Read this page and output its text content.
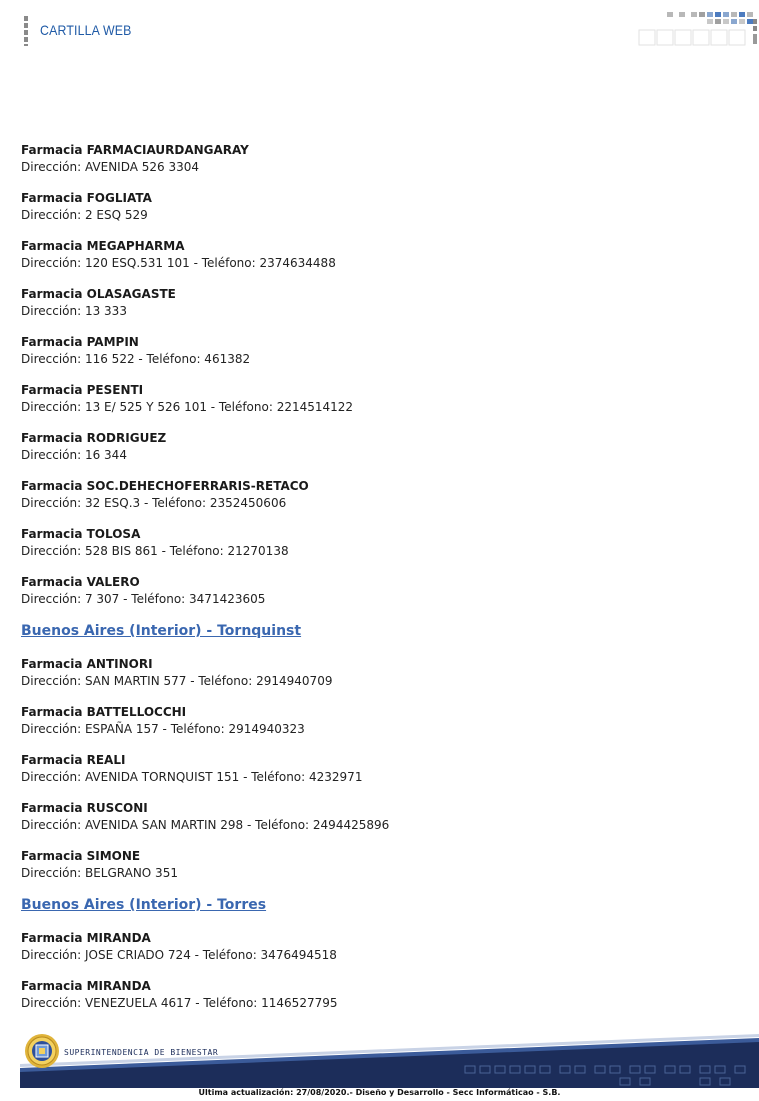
CARTILLA WEB
Farmacia FARMACIAURDANGARAY
Dirección: AVENIDA 526 3304
Farmacia FOGLIATA
Dirección: 2 ESQ 529
Farmacia MEGAPHARMA
Dirección: 120 ESQ.531 101 - Teléfono: 2374634488
Farmacia OLASAGASTE
Dirección: 13 333
Farmacia PAMPIN
Dirección: 116 522 - Teléfono: 461382
Farmacia PESENTI
Dirección: 13 E/ 525 Y 526 101 - Teléfono: 2214514122
Farmacia RODRIGUEZ
Dirección: 16 344
Farmacia SOC.DEHECHOFERRARIS-RETACO
Dirección: 32 ESQ.3 - Teléfono: 2352450606
Farmacia TOLOSA
Dirección: 528 BIS 861 - Teléfono: 21270138
Farmacia VALERO
Dirección: 7 307 - Teléfono: 3471423605
Buenos Aires (Interior) - Tornquinst
Farmacia ANTINORI
Dirección: SAN MARTIN 577 - Teléfono: 2914940709
Farmacia BATTELLOCCHI
Dirección: ESPAÑA 157 - Teléfono: 2914940323
Farmacia REALI
Dirección: AVENIDA TORNQUIST 151 - Teléfono: 4232971
Farmacia RUSCONI
Dirección: AVENIDA SAN MARTIN 298 - Teléfono: 2494425896
Farmacia SIMONE
Dirección: BELGRANO 351
Buenos Aires (Interior) - Torres
Farmacia MIRANDA
Dirección: JOSE CRIADO 724 - Teléfono: 3476494518
Farmacia MIRANDA
Dirección: VENEZUELA 4617 - Teléfono: 1146527795
SUPERINTENDENCIA DE BIENESTAR
Ultima actualización: 27/08/2020.- Diseño y Desarrollo - Secc Informáticao - S.B.
